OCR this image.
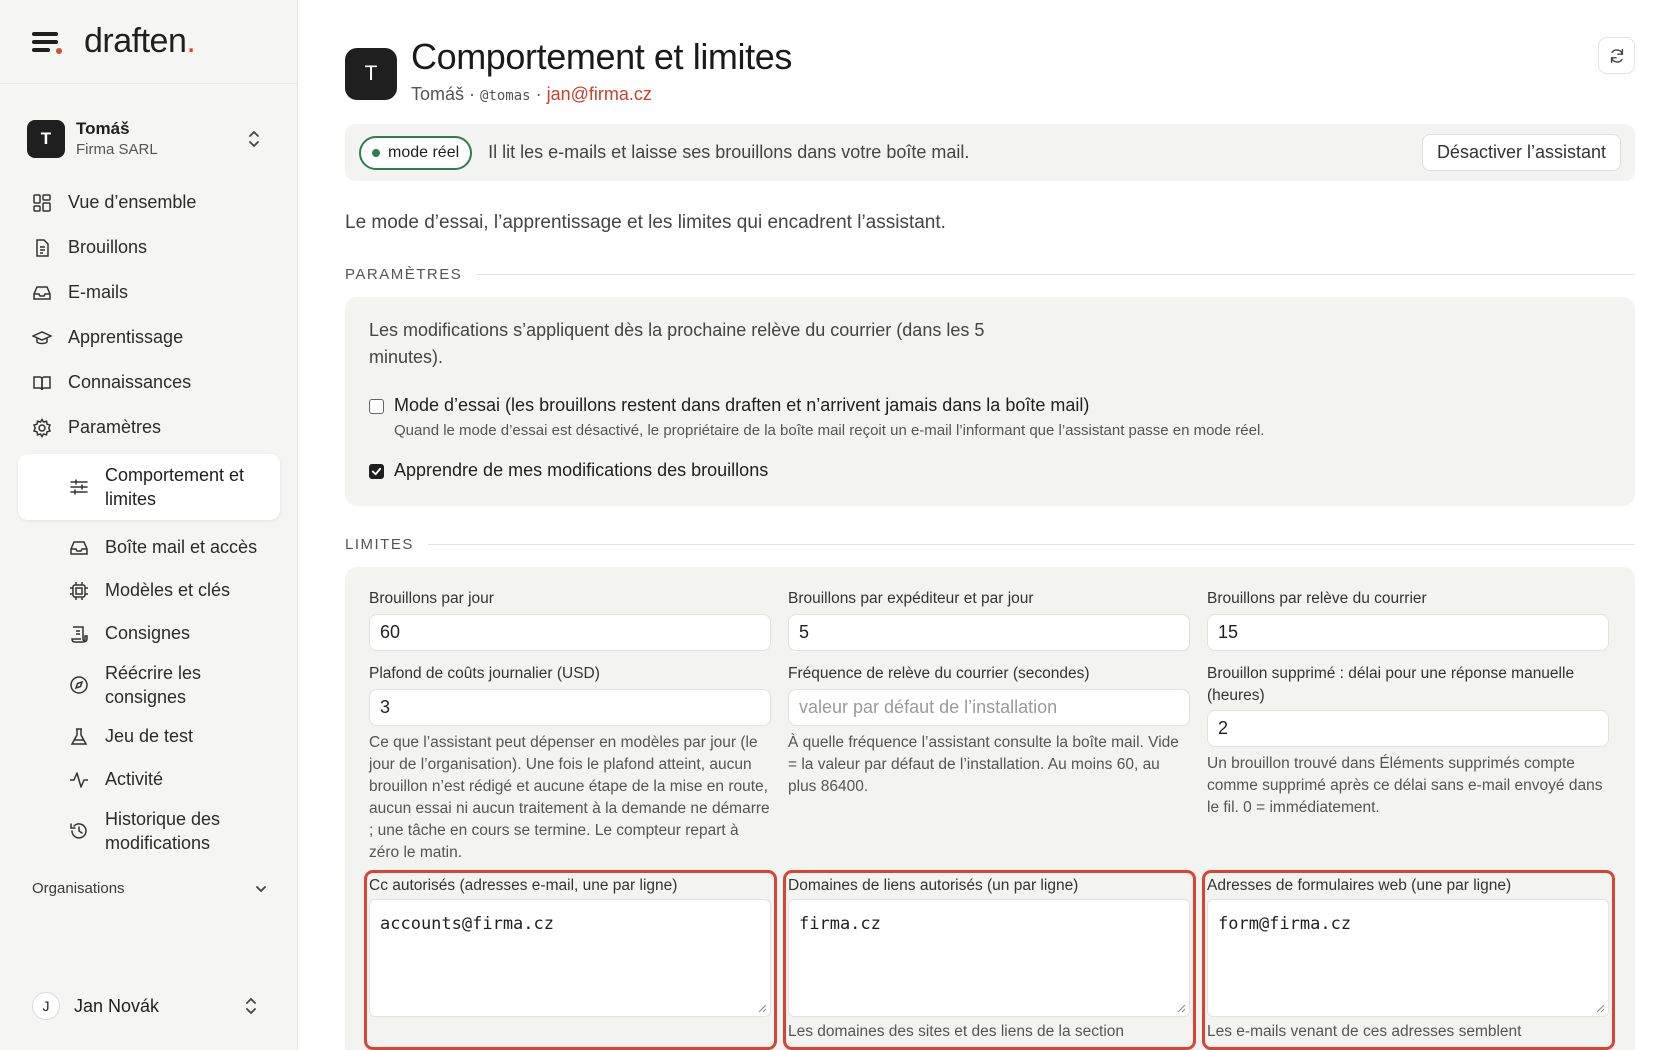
draften.
T
Tomáš
Firma SARL
Vue d’ensemble
Brouillons
E-mails
Apprentissage
Connaissances
Paramètres
Comportement et limites
Boîte mail et accès
Modèles et clés
Consignes
Réécrire les consignes
Jeu de test
Activité
Historique des modifications
Organisations
J	Jan Novák
T Comportement et limites
Tomáš · @tomas · jan@firma.cz
mode réel Il lit les e-mails et laisse ses brouillons dans votre boîte mail.	Désactiver l’assistant

Le mode d’essai, l’apprentissage et les limites qui encadrent l’assistant.

PARAMÈTRES

Les modifications s’appliquent dès la prochaine relève du courrier (dans les 5 minutes).

Mode d’essai (les brouillons restent dans draften et n’arrivent jamais dans la boîte mail)
Quand le mode d’essai est désactivé, le propriétaire de la boîte mail reçoit un e-mail l’informant que l’assistant passe en mode réel.
Apprendre de mes modifications des brouillons
LIMITES
Brouillons par jour
60
Brouillons par expéditeur et par jour
5
Brouillons par relève du courrier
15
Plafond de coûts journalier (USD)
3
Ce que l’assistant peut dépenser en modèles par jour (le jour de l’organisation). Une fois le plafond atteint, aucun brouillon n’est rédigé et aucune étape de la mise en route, aucun essai ni aucun traitement à la demande ne démarre ; une tâche en cours se termine. Le compteur repart à zéro le matin.
Fréquence de relève du courrier (secondes)
valeur par défaut de l’installation
À quelle fréquence l’assistant consulte la boîte mail. Vide = la valeur par défaut de l’installation. Au moins 60, au plus 86400.
Brouillon supprimé : délai pour une réponse manuelle (heures)
2
Un brouillon trouvé dans Éléments supprimés compte comme supprimé après ce délai sans e-mail envoyé dans le fil. 0 = immédiatement.
Cc autorisés (adresses e-mail, une par ligne)
accounts@firma.cz
Domaines de liens autorisés (un par ligne)
firma.cz
Les domaines des sites et des liens de la section
Adresses de formulaires web (une par ligne)
form@firma.cz
Les e-mails venant de ces adresses semblent
